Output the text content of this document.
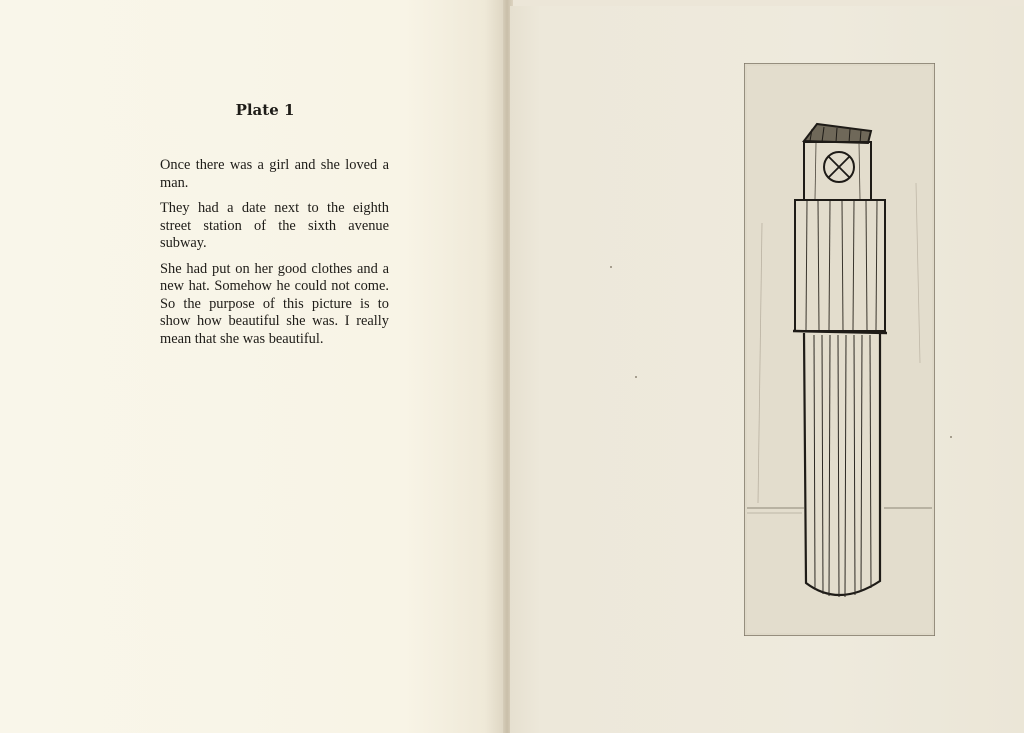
Plate 1

Once there was a girl and she loved a man.

They had a date next to the eighth street station of the sixth avenue subway.

She had put on her good clothes and a new hat. Somehow he could not come. So the purpose of this picture is to show how beautiful she was. I really mean that she was beautiful.
